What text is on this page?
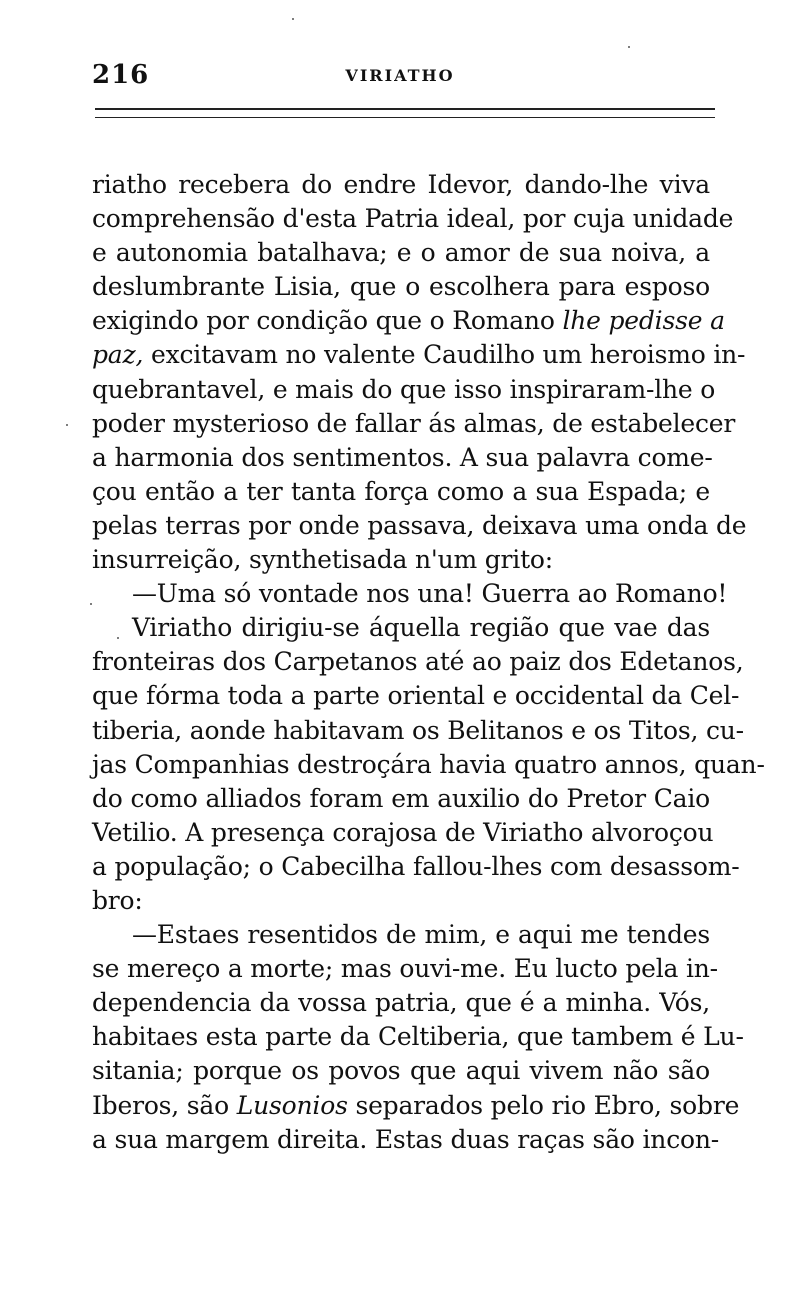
216	VIRIATHO
riatho recebera do endre Idevor, dando-lhe viva
comprehensão d'esta Patria ideal, por cuja unidade
e autonomia batalhava; e o amor de sua noiva, a
deslumbrante Lisia, que o escolhera para esposo
exigindo por condição que o Romano lhe pedisse a
paz, excitavam no valente Caudilho um heroismo in-
quebrantavel, e mais do que isso inspiraram-lhe o
poder mysterioso de fallar ás almas, de estabelecer
a harmonia dos sentimentos. A sua palavra come-
çou então a ter tanta força como a sua Espada; e
pelas terras por onde passava, deixava uma onda de
insurreição, synthetisada n'um grito:
—Uma só vontade nos una! Guerra ao Romano!
Viriatho dirigiu-se áquella região que vae das
fronteiras dos Carpetanos até ao paiz dos Edetanos,
que fórma toda a parte oriental e occidental da Cel-
tiberia, aonde habitavam os Belitanos e os Titos, cu-
jas Companhias destroçára havia quatro annos, quan-
do como alliados foram em auxilio do Pretor Caio
Vetilio. A presença corajosa de Viriatho alvoroçou
a população; o Cabecilha fallou-lhes com desassom-
bro:
—Estaes resentidos de mim, e aqui me tendes
se mereço a morte; mas ouvi-me. Eu lucto pela in-
dependencia da vossa patria, que é a minha. Vós,
habitaes esta parte da Celtiberia, que tambem é Lu-
sitania; porque os povos que aqui vivem não são
Iberos, são Lusonios separados pelo rio Ebro, sobre
a sua margem direita. Estas duas raças são incon-
